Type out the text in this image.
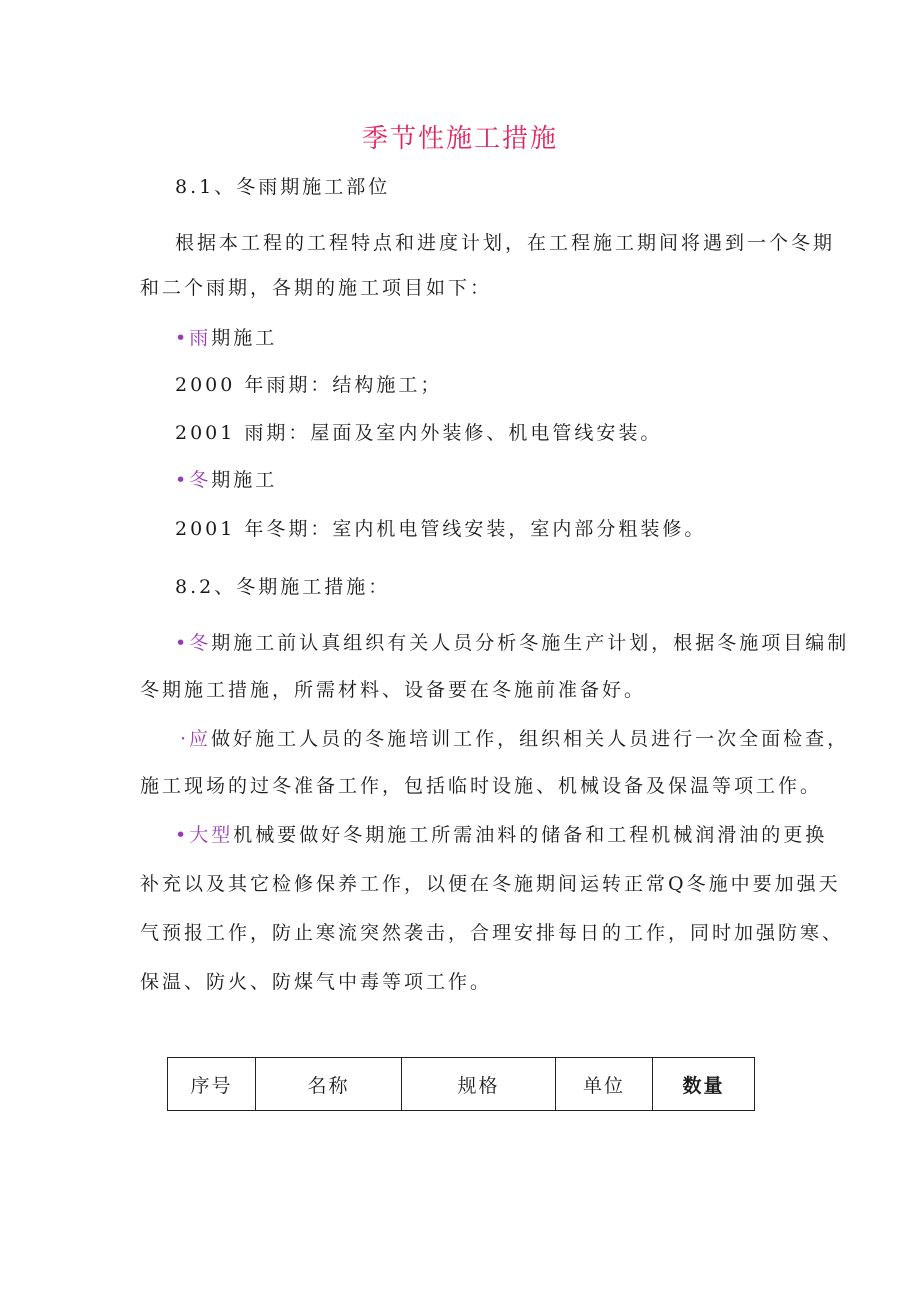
季节性施工措施
8.1、冬雨期施工部位
根据本工程的工程特点和进度计划，在工程施工期间将遇到一个冬期
和二个雨期，各期的施工项目如下：
•雨期施工
2000 年雨期：结构施工；
2001 雨期：屋面及室内外装修、机电管线安装。
•冬期施工
2001 年冬期：室内机电管线安装，室内部分粗装修。
8.2、冬期施工措施：
•冬期施工前认真组织有关人员分析冬施生产计划，根据冬施项目编制
冬期施工措施，所需材料、设备要在冬施前准备好。
·应做好施工人员的冬施培训工作，组织相关人员进行一次全面检查，
施工现场的过冬准备工作，包括临时设施、机械设备及保温等项工作。
•大型机械要做好冬期施工所需油料的储备和工程机械润滑油的更换
补充以及其它检修保养工作，以便在冬施期间运转正常Q冬施中要加强天
气预报工作，防止寒流突然袭击，合理安排每日的工作，同时加强防寒、
保温、防火、防煤气中毒等项工作。
序号	名称	规格	单位	数量
